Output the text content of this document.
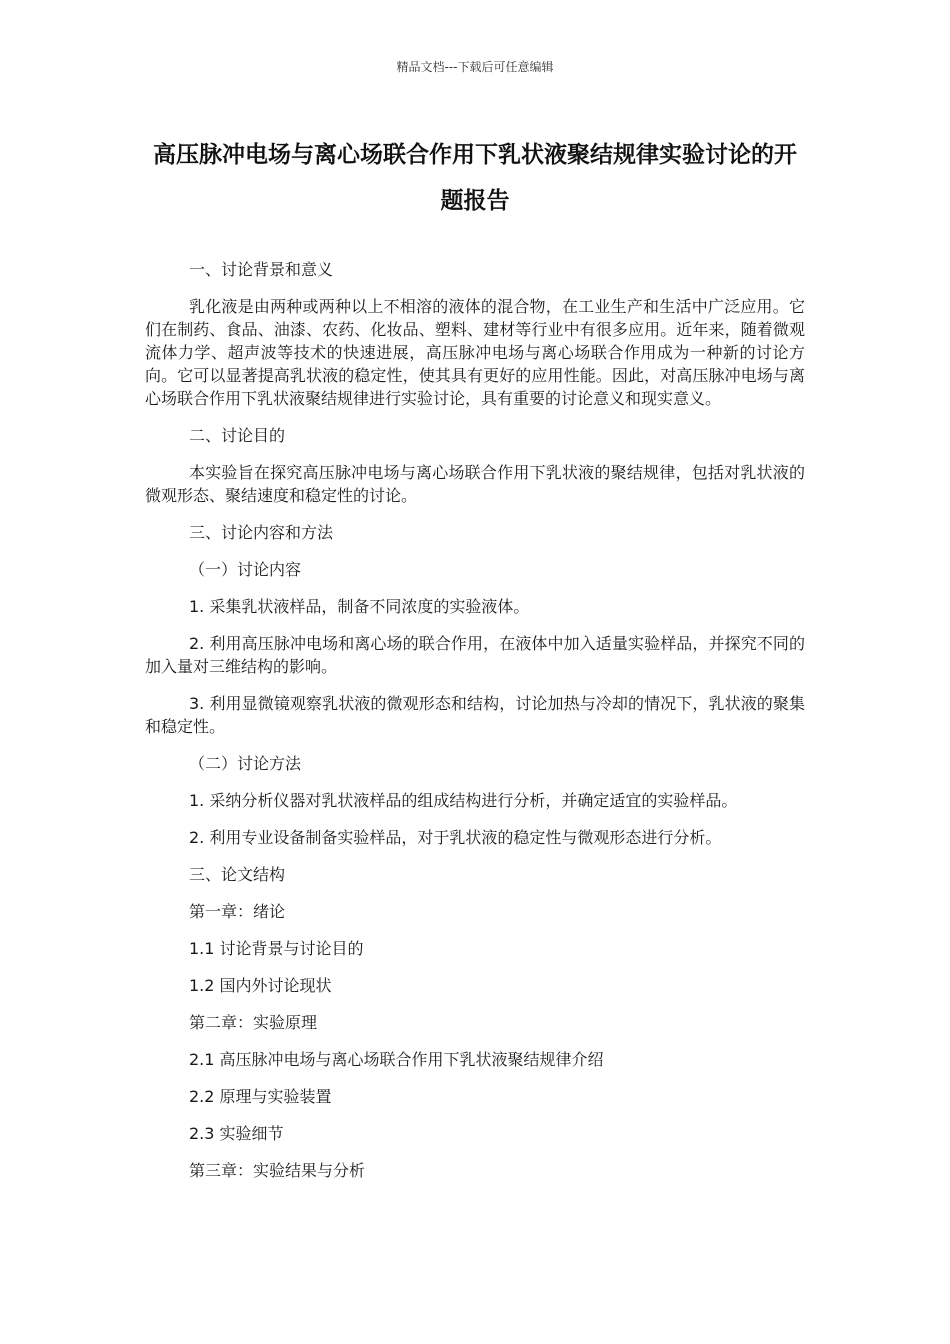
精品文档---下载后可任意编辑
高压脉冲电场与离心场联合作用下乳状液聚结规律实验讨论的开题报告

一、讨论背景和意义

乳化液是由两种或两种以上不相溶的液体的混合物，在工业生产和生活中广泛应用。它们在制药、食品、油漆、农药、化妆品、塑料、建材等行业中有很多应用。近年来，随着微观流体力学、超声波等技术的快速进展，高压脉冲电场与离心场联合作用成为一种新的讨论方向。它可以显著提高乳状液的稳定性，使其具有更好的应用性能。因此，对高压脉冲电场与离心场联合作用下乳状液聚结规律进行实验讨论，具有重要的讨论意义和现实意义。

二、讨论目的

本实验旨在探究高压脉冲电场与离心场联合作用下乳状液的聚结规律，包括对乳状液的微观形态、聚结速度和稳定性的讨论。

三、讨论内容和方法

（一）讨论内容

1. 采集乳状液样品，制备不同浓度的实验液体。

2. 利用高压脉冲电场和离心场的联合作用，在液体中加入适量实验样品，并探究不同的加入量对三维结构的影响。

3. 利用显微镜观察乳状液的微观形态和结构，讨论加热与冷却的情况下，乳状液的聚集和稳定性。

（二）讨论方法

1. 采纳分析仪器对乳状液样品的组成结构进行分析，并确定适宜的实验样品。

2. 利用专业设备制备实验样品，对于乳状液的稳定性与微观形态进行分析。

三、论文结构

第一章：绪论

1.1 讨论背景与讨论目的

1.2 国内外讨论现状

第二章：实验原理

2.1 高压脉冲电场与离心场联合作用下乳状液聚结规律介绍

2.2 原理与实验装置

2.3 实验细节

第三章：实验结果与分析
